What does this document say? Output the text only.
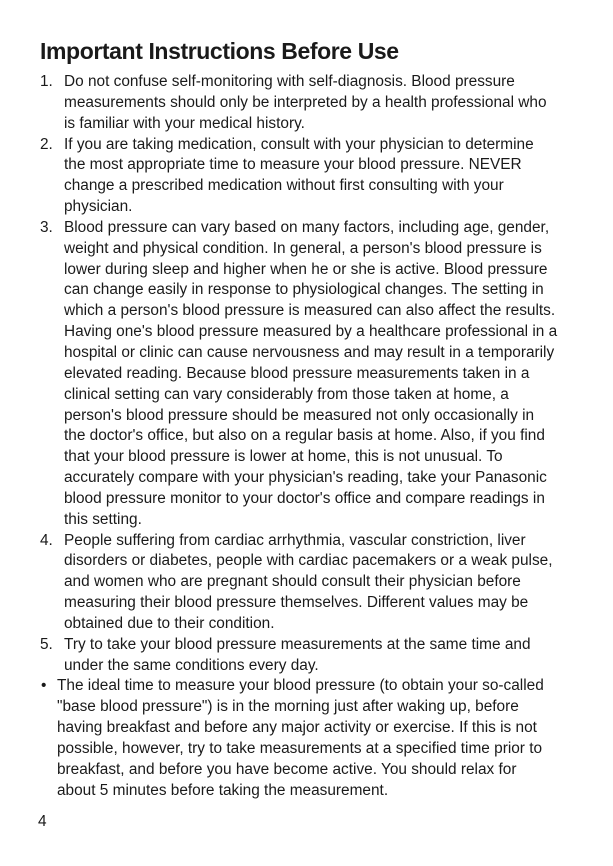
Important Instructions Before Use
1. Do not confuse self-monitoring with self-diagnosis. Blood pressure
measurements should only be interpreted by a health professional who
is familiar with your medical history.
2. If you are taking medication, consult with your physician to determine
the most appropriate time to measure your blood pressure. NEVER
change a prescribed medication without first consulting with your
physician.
3. Blood pressure can vary based on many factors, including age, gender,
weight and physical condition. In general, a person's blood pressure is
lower during sleep and higher when he or she is active. Blood pressure
can change easily in response to physiological changes. The setting in
which a person's blood pressure is measured can also affect the results.
Having one's blood pressure measured by a healthcare professional in a
hospital or clinic can cause nervousness and may result in a temporarily
elevated reading. Because blood pressure measurements taken in a
clinical setting can vary considerably from those taken at home, a
person's blood pressure should be measured not only occasionally in
the doctor's office, but also on a regular basis at home. Also, if you find
that your blood pressure is lower at home, this is not unusual. To
accurately compare with your physician's reading, take your Panasonic
blood pressure monitor to your doctor's office and compare readings in
this setting.
4. People suffering from cardiac arrhythmia, vascular constriction, liver
disorders or diabetes, people with cardiac pacemakers or a weak pulse,
and women who are pregnant should consult their physician before
measuring their blood pressure themselves. Different values may be
obtained due to their condition.
5. Try to take your blood pressure measurements at the same time and
under the same conditions every day.
• The ideal time to measure your blood pressure (to obtain your so-called
"base blood pressure") is in the morning just after waking up, before
having breakfast and before any major activity or exercise. If this is not
possible, however, try to take measurements at a specified time prior to
breakfast, and before you have become active. You should relax for
about 5 minutes before taking the measurement.
4
